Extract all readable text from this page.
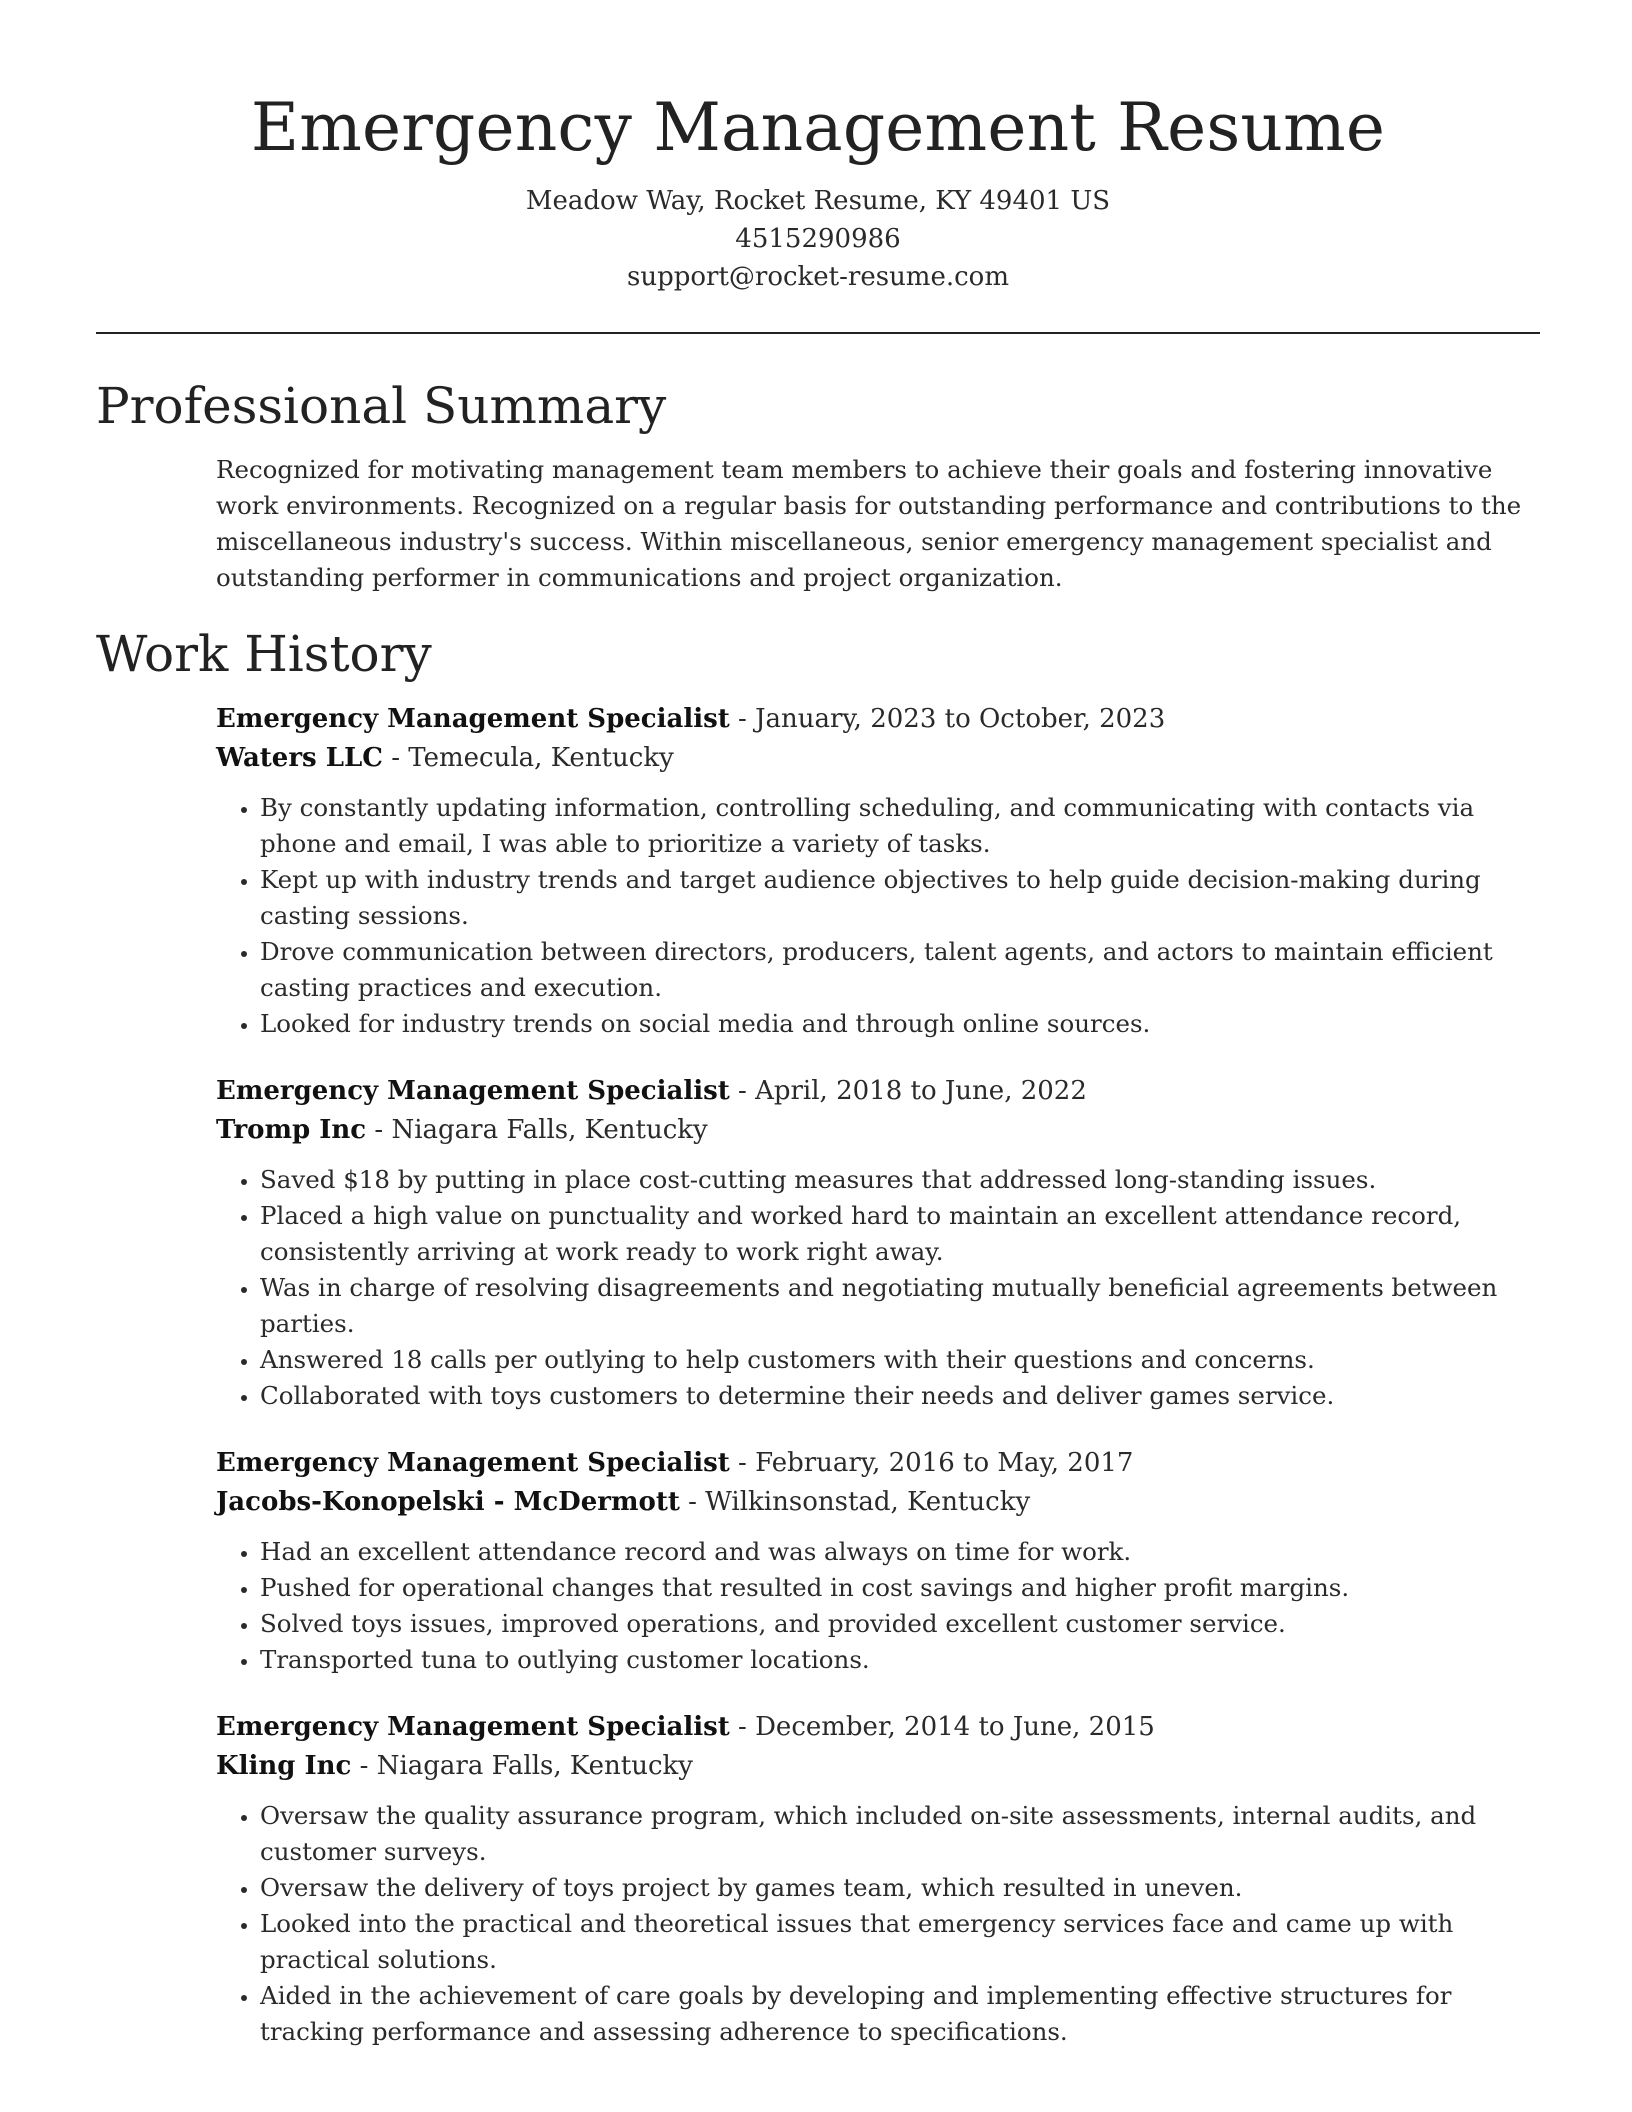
Emergency Management Resume

Meadow Way, Rocket Resume, KY 49401 US

4515290986

support@rocket-resume.com

Professional Summary

Recognized for motivating management team members to achieve their goals and fostering innovative work environments. Recognized on a regular basis for outstanding performance and contributions to the miscellaneous industry's success. Within miscellaneous, senior emergency management specialist and outstanding performer in communications and project organization.

Work History

Emergency Management Specialist - January, 2023 to October, 2023

Waters LLC - Temecula, Kentucky

• By constantly updating information, controlling scheduling, and communicating with contacts via phone and email, I was able to prioritize a variety of tasks.
• Kept up with industry trends and target audience objectives to help guide decision-making during casting sessions.
• Drove communication between directors, producers, talent agents, and actors to maintain efficient casting practices and execution.
• Looked for industry trends on social media and through online sources.

Emergency Management Specialist - April, 2018 to June, 2022

Tromp Inc - Niagara Falls, Kentucky

• Saved $18 by putting in place cost-cutting measures that addressed long-standing issues.
• Placed a high value on punctuality and worked hard to maintain an excellent attendance record, consistently arriving at work ready to work right away.
• Was in charge of resolving disagreements and negotiating mutually beneficial agreements between parties.
• Answered 18 calls per outlying to help customers with their questions and concerns.
• Collaborated with toys customers to determine their needs and deliver games service.

Emergency Management Specialist - February, 2016 to May, 2017

Jacobs-Konopelski - McDermott - Wilkinsonstad, Kentucky

• Had an excellent attendance record and was always on time for work.
• Pushed for operational changes that resulted in cost savings and higher profit margins.
• Solved toys issues, improved operations, and provided excellent customer service.
• Transported tuna to outlying customer locations.

Emergency Management Specialist - December, 2014 to June, 2015

Kling Inc - Niagara Falls, Kentucky

• Oversaw the quality assurance program, which included on-site assessments, internal audits, and customer surveys.
• Oversaw the delivery of toys project by games team, which resulted in uneven.
• Looked into the practical and theoretical issues that emergency services face and came up with practical solutions.
• Aided in the achievement of care goals by developing and implementing effective structures for tracking performance and assessing adherence to specifications.
